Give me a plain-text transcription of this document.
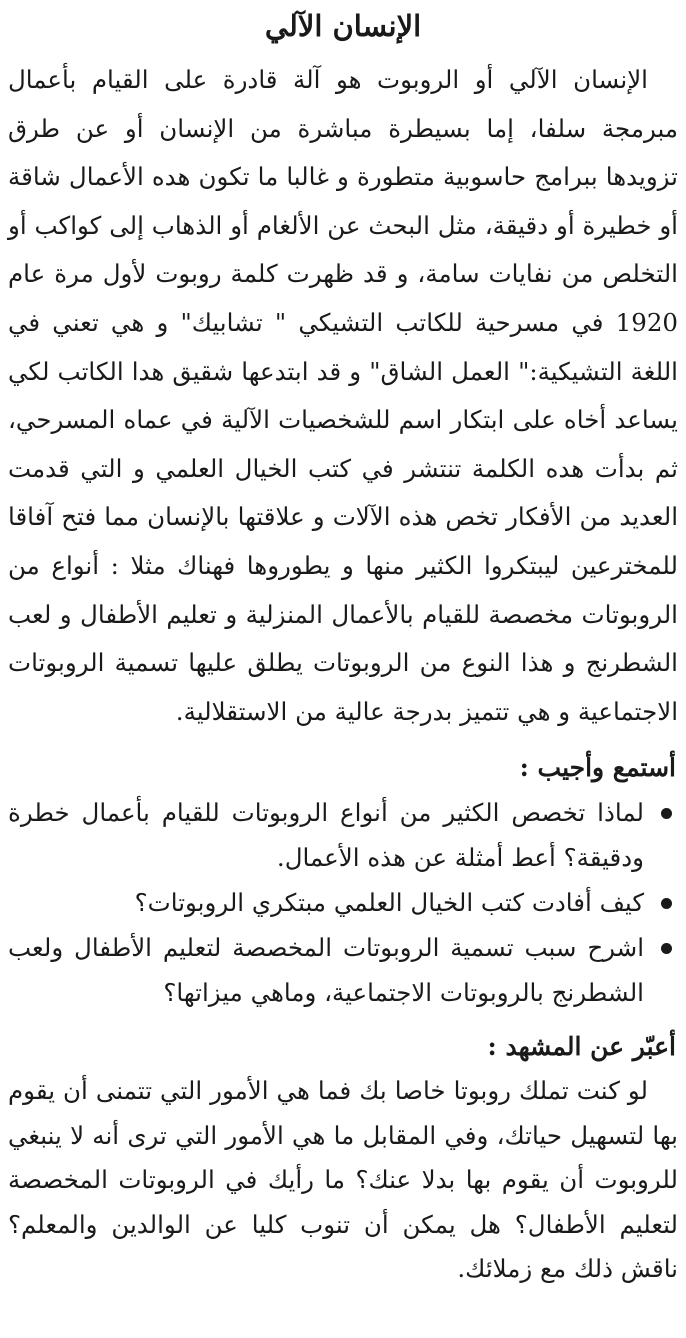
الإنسان الآلي

الإنسان الآلي أو الروبوت هو آلة قادرة على القيام بأعمال مبرمجة سلفا، إما بسيطرة مباشرة من الإنسان أو عن طرق تزويدها ببرامج حاسوبية متطورة و غالبا ما تكون هده الأعمال شاقة أو خطيرة أو دقيقة، مثل البحث عن الألغام أو الذهاب إلى كواكب أو التخلص من نفايات سامة، و قد ظهرت كلمة روبوت لأول مرة عام 1920 في مسرحية للكاتب التشيكي " تشابيك" و هي تعني في اللغة التشيكية:" العمل الشاق" و قد ابتدعها شقيق هدا الكاتب لكي يساعد أخاه على ابتكار اسم للشخصيات الآلية في عماه المسرحي، ثم بدأت هده الكلمة تنتشر في كتب الخيال العلمي و التي قدمت العديد من الأفكار تخص هذه الآلات و علاقتها بالإنسان مما فتح آفاقا للمخترعين ليبتكروا الكثير منها و يطوروها فهناك مثلا : أنواع من الروبوتات مخصصة للقيام بالأعمال المنزلية و تعليم الأطفال و لعب الشطرنج و هذا النوع من الروبوتات يطلق عليها تسمية الروبوتات الاجتماعية و هي تتميز بدرجة عالية من الاستقلالية.

أستمع وأجيب :
لماذا تخصص الكثير من أنواع الروبوتات للقيام بأعمال خطرة ودقيقة؟ أعط أمثلة عن هذه الأعمال.
كيف أفادت كتب الخيال العلمي مبتكري الروبوتات؟
اشرح سبب تسمية الروبوتات المخصصة لتعليم الأطفال ولعب الشطرنج بالروبوتات الاجتماعية، وماهي ميزاتها؟
أعبّر عن المشهد :

لو كنت تملك روبوتا خاصا بك فما هي الأمور التي تتمنى أن يقوم بها لتسهيل حياتك، وفي المقابل ما هي الأمور التي ترى أنه لا ينبغي للروبوت أن يقوم بها بدلا عنك؟ ما رأيك في الروبوتات المخصصة لتعليم الأطفال؟ هل يمكن أن تنوب كليا عن الوالدين والمعلم؟ ناقش ذلك مع زملائك.
